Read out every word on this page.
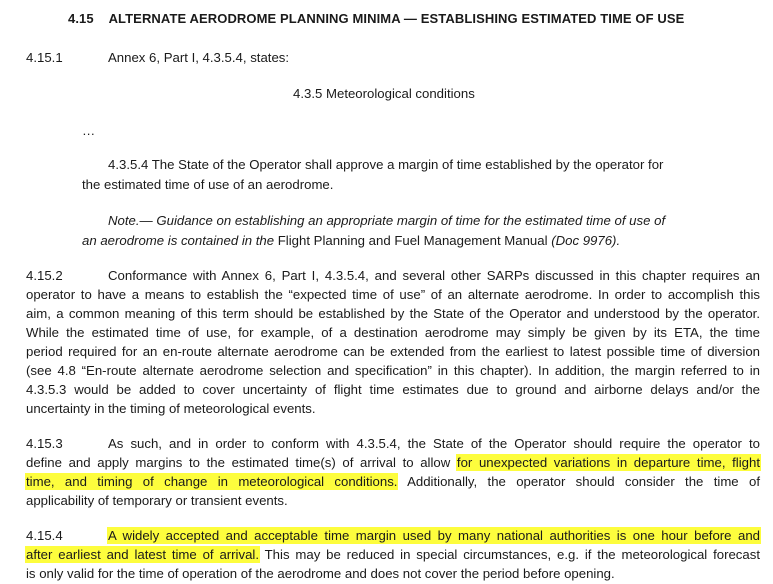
4.15 ALTERNATE AERODROME PLANNING MINIMA — ESTABLISHING ESTIMATED TIME OF USE
4.15.1	Annex 6, Part I, 4.3.5.4, states:
4.3.5 Meteorological conditions
…
4.3.5.4 The State of the Operator shall approve a margin of time established by the operator for
the estimated time of use of an aerodrome.
Note.— Guidance on establishing an appropriate margin of time for the estimated time of use of
an aerodrome is contained in the Flight Planning and Fuel Management Manual (Doc 9976).
4.15.2	Conformance with Annex 6, Part I, 4.3.5.4, and several other SARPs discussed in this chapter requires an
operator to have a means to establish the “expected time of use” of an alternate aerodrome. In order to accomplish this
aim, a common meaning of this term should be established by the State of the Operator and understood by the operator.
While the estimated time of use, for example, of a destination aerodrome may simply be given by its ETA, the time
period required for an en-route alternate aerodrome can be extended from the earliest to latest possible time of diversion
(see 4.8 “En-route alternate aerodrome selection and specification” in this chapter). In addition, the margin referred to in
4.3.5.3 would be added to cover uncertainty of flight time estimates due to ground and airborne delays and/or the
uncertainty in the timing of meteorological events.
4.15.3	As such, and in order to conform with 4.3.5.4, the State of the Operator should require the operator to
define and apply margins to the estimated time(s) of arrival to allow for unexpected variations in departure time, flight
time, and timing of change in meteorological conditions. Additionally, the operator should consider the time of
applicability of temporary or transient events.
4.15.4	A widely accepted and acceptable time margin used by many national authorities is one hour before and
after earliest and latest time of arrival. This may be reduced in special circumstances, e.g. if the meteorological forecast
is only valid for the time of operation of the aerodrome and does not cover the period before opening.
